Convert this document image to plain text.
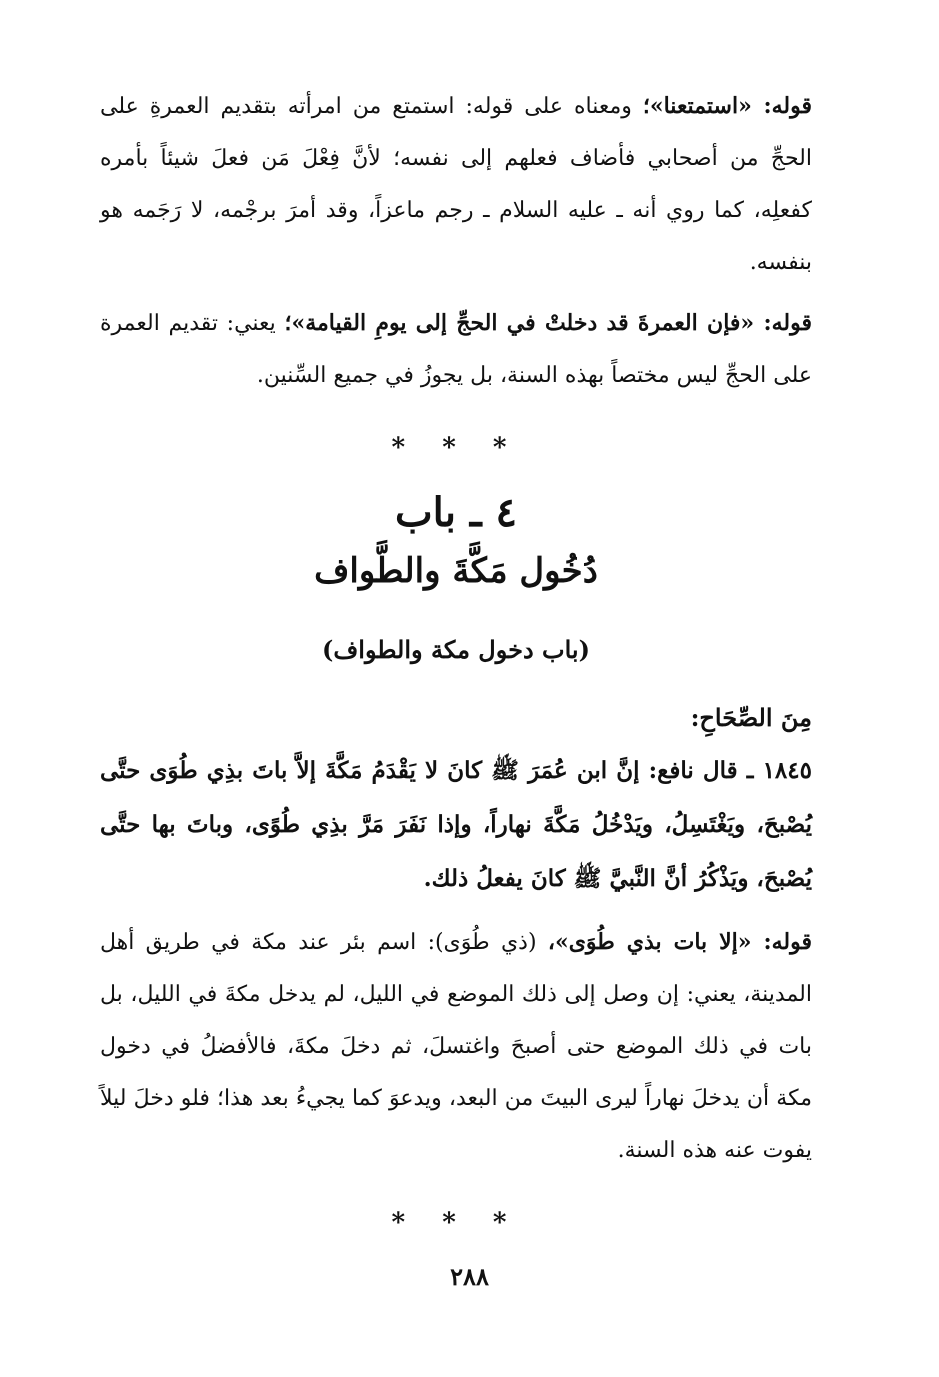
قوله: «استمتعنا»؛ ومعناه على قوله: استمتع من امرأته بتقديم العمرةِ على الحجِّ من أصحابي فأضاف فعلهم إلى نفسه؛ لأنَّ فِعْلَ مَن فعلَ شيئاً بأمره كفعلِه، كما روي أنه ـ عليه السلام ـ رجم ماعزاً، وقد أمرَ برجْمه، لا رَجَمه هو بنفسه.

قوله: «فإن العمرةَ قد دخلتْ في الحجِّ إلى يومِ القيامة»؛ يعني: تقديم العمرة على الحجِّ ليس مختصاً بهذه السنة، بل يجوزُ في جميع السِّنين.

* * *
٤ ـ باب
دُخُول مَكَّةَ والطَّواف
(باب دخول مكة والطواف)
مِنَ الصِّحَاحِ:

١٨٤٥ ـ قال نافع: إنَّ ابن عُمَرَ ﷺ كانَ لا يَقْدَمُ مَكَّةَ إلاَّ باتَ بذِي طُوَى حتَّى يُصْبحَ، ويَغْتَسِلُ، ويَدْخُلُ مَكَّةَ نهاراً، وإذا نَفَرَ مَرَّ بذِي طُوًى، وباتَ بها حتَّى يُصْبحَ، ويَذْكُرُ أنَّ النَّبيَّ ﷺ كانَ يفعلُ ذلك.

قوله: «إلا بات بذي طُوَى»، (ذي طُوَى): اسم بئر عند مكة في طريق أهل المدينة، يعني: إن وصل إلى ذلك الموضع في الليل، لم يدخل مكةَ في الليل، بل بات في ذلك الموضع حتى أصبحَ واغتسلَ، ثم دخلَ مكةَ، فالأفضلُ في دخول مكة أن يدخلَ نهاراً ليرى البيتَ من البعد، ويدعوَ كما يجيءُ بعد هذا؛ فلو دخلَ ليلاً يفوت عنه هذه السنة.

* * *
٢٨٨
